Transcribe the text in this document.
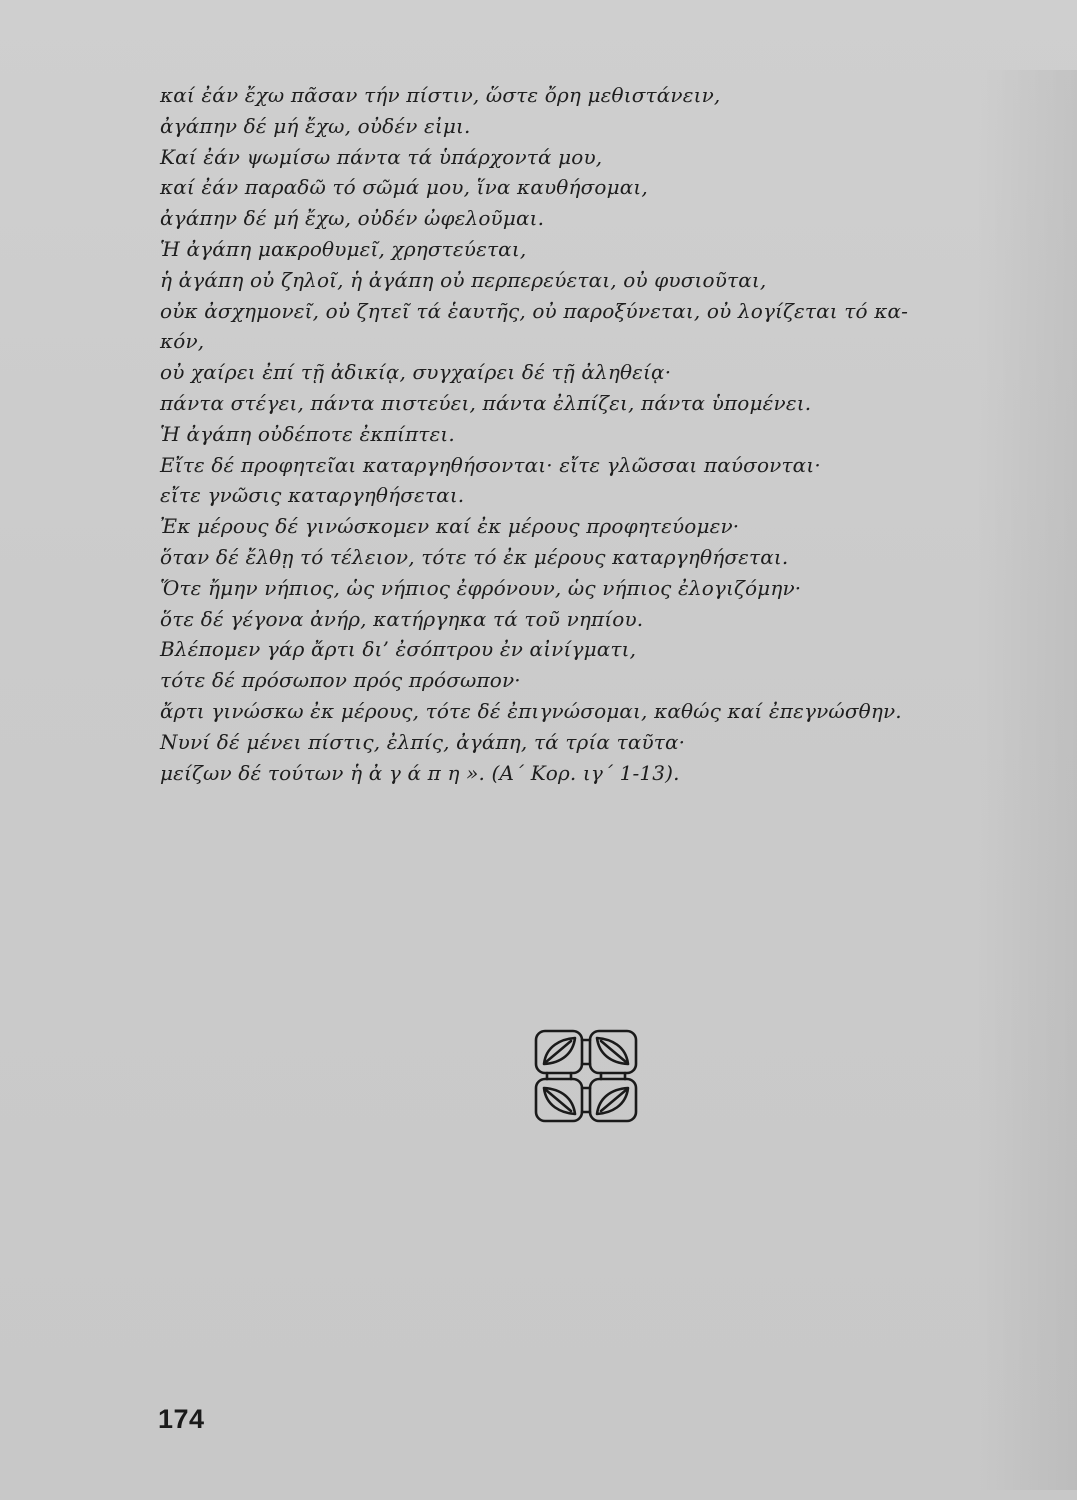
καί ἐάν ἔχω πᾶσαν τήν πίστιν, ὥστε ὄρη μεθιστάνειν,
ἀγάπην δέ μή ἔχω, οὐδέν εἰμι.
Καί ἐάν ψωμίσω πάντα τά ὑπάρχοντά μου,
καί ἐάν παραδῶ τό σῶμά μου, ἵνα καυθήσομαι,
ἀγάπην δέ μή ἔχω, οὐδέν ὠφελοῦμαι.
Ἡ ἀγάπη μακροθυμεῖ, χρηστεύεται,
ἡ ἀγάπη οὐ ζηλοῖ, ἡ ἀγάπη οὐ περπερεύεται, οὐ φυσιοῦται,
οὐκ ἀσχημονεῖ, οὐ ζητεῖ τά ἑαυτῆς, οὐ παροξύνεται, οὐ λογίζεται τό κα-
κόν,
οὐ χαίρει ἐπί τῇ ἀδικίᾳ, συγχαίρει δέ τῇ ἀληθείᾳ·
πάντα στέγει, πάντα πιστεύει, πάντα ἐλπίζει, πάντα ὑπομένει.
Ἡ ἀγάπη οὐδέποτε ἐκπίπτει.
Εἴτε δέ προφητεῖαι καταργηθήσονται· εἴτε γλῶσσαι παύσονται·
εἴτε γνῶσις καταργηθήσεται.
Ἐκ μέρους δέ γινώσκομεν καί ἐκ μέρους προφητεύομεν·
ὅταν δέ ἔλθῃ τό τέλειον, τότε τό ἐκ μέρους καταργηθήσεται.
Ὅτε ἤμην νήπιος, ὡς νήπιος ἐφρόνουν, ὡς νήπιος ἐλογιζόμην·
ὅτε δέ γέγονα ἀνήρ, κατήργηκα τά τοῦ νηπίου.
Βλέπομεν γάρ ἄρτι δι’ ἐσόπτρου ἐν αἰνίγματι,
τότε δέ πρόσωπον πρός πρόσωπον·
ἄρτι γινώσκω ἐκ μέρους, τότε δέ ἐπιγνώσομαι, καθώς καί ἐπεγνώσθην.
Νυνί δέ μένει πίστις, ἐλπίς, ἀγάπη, τά τρία ταῦτα·
μείζων δέ τούτων ἡ ἀ γ ά π η ». (Α΄ Κορ. ιγ΄ 1-13).
174
